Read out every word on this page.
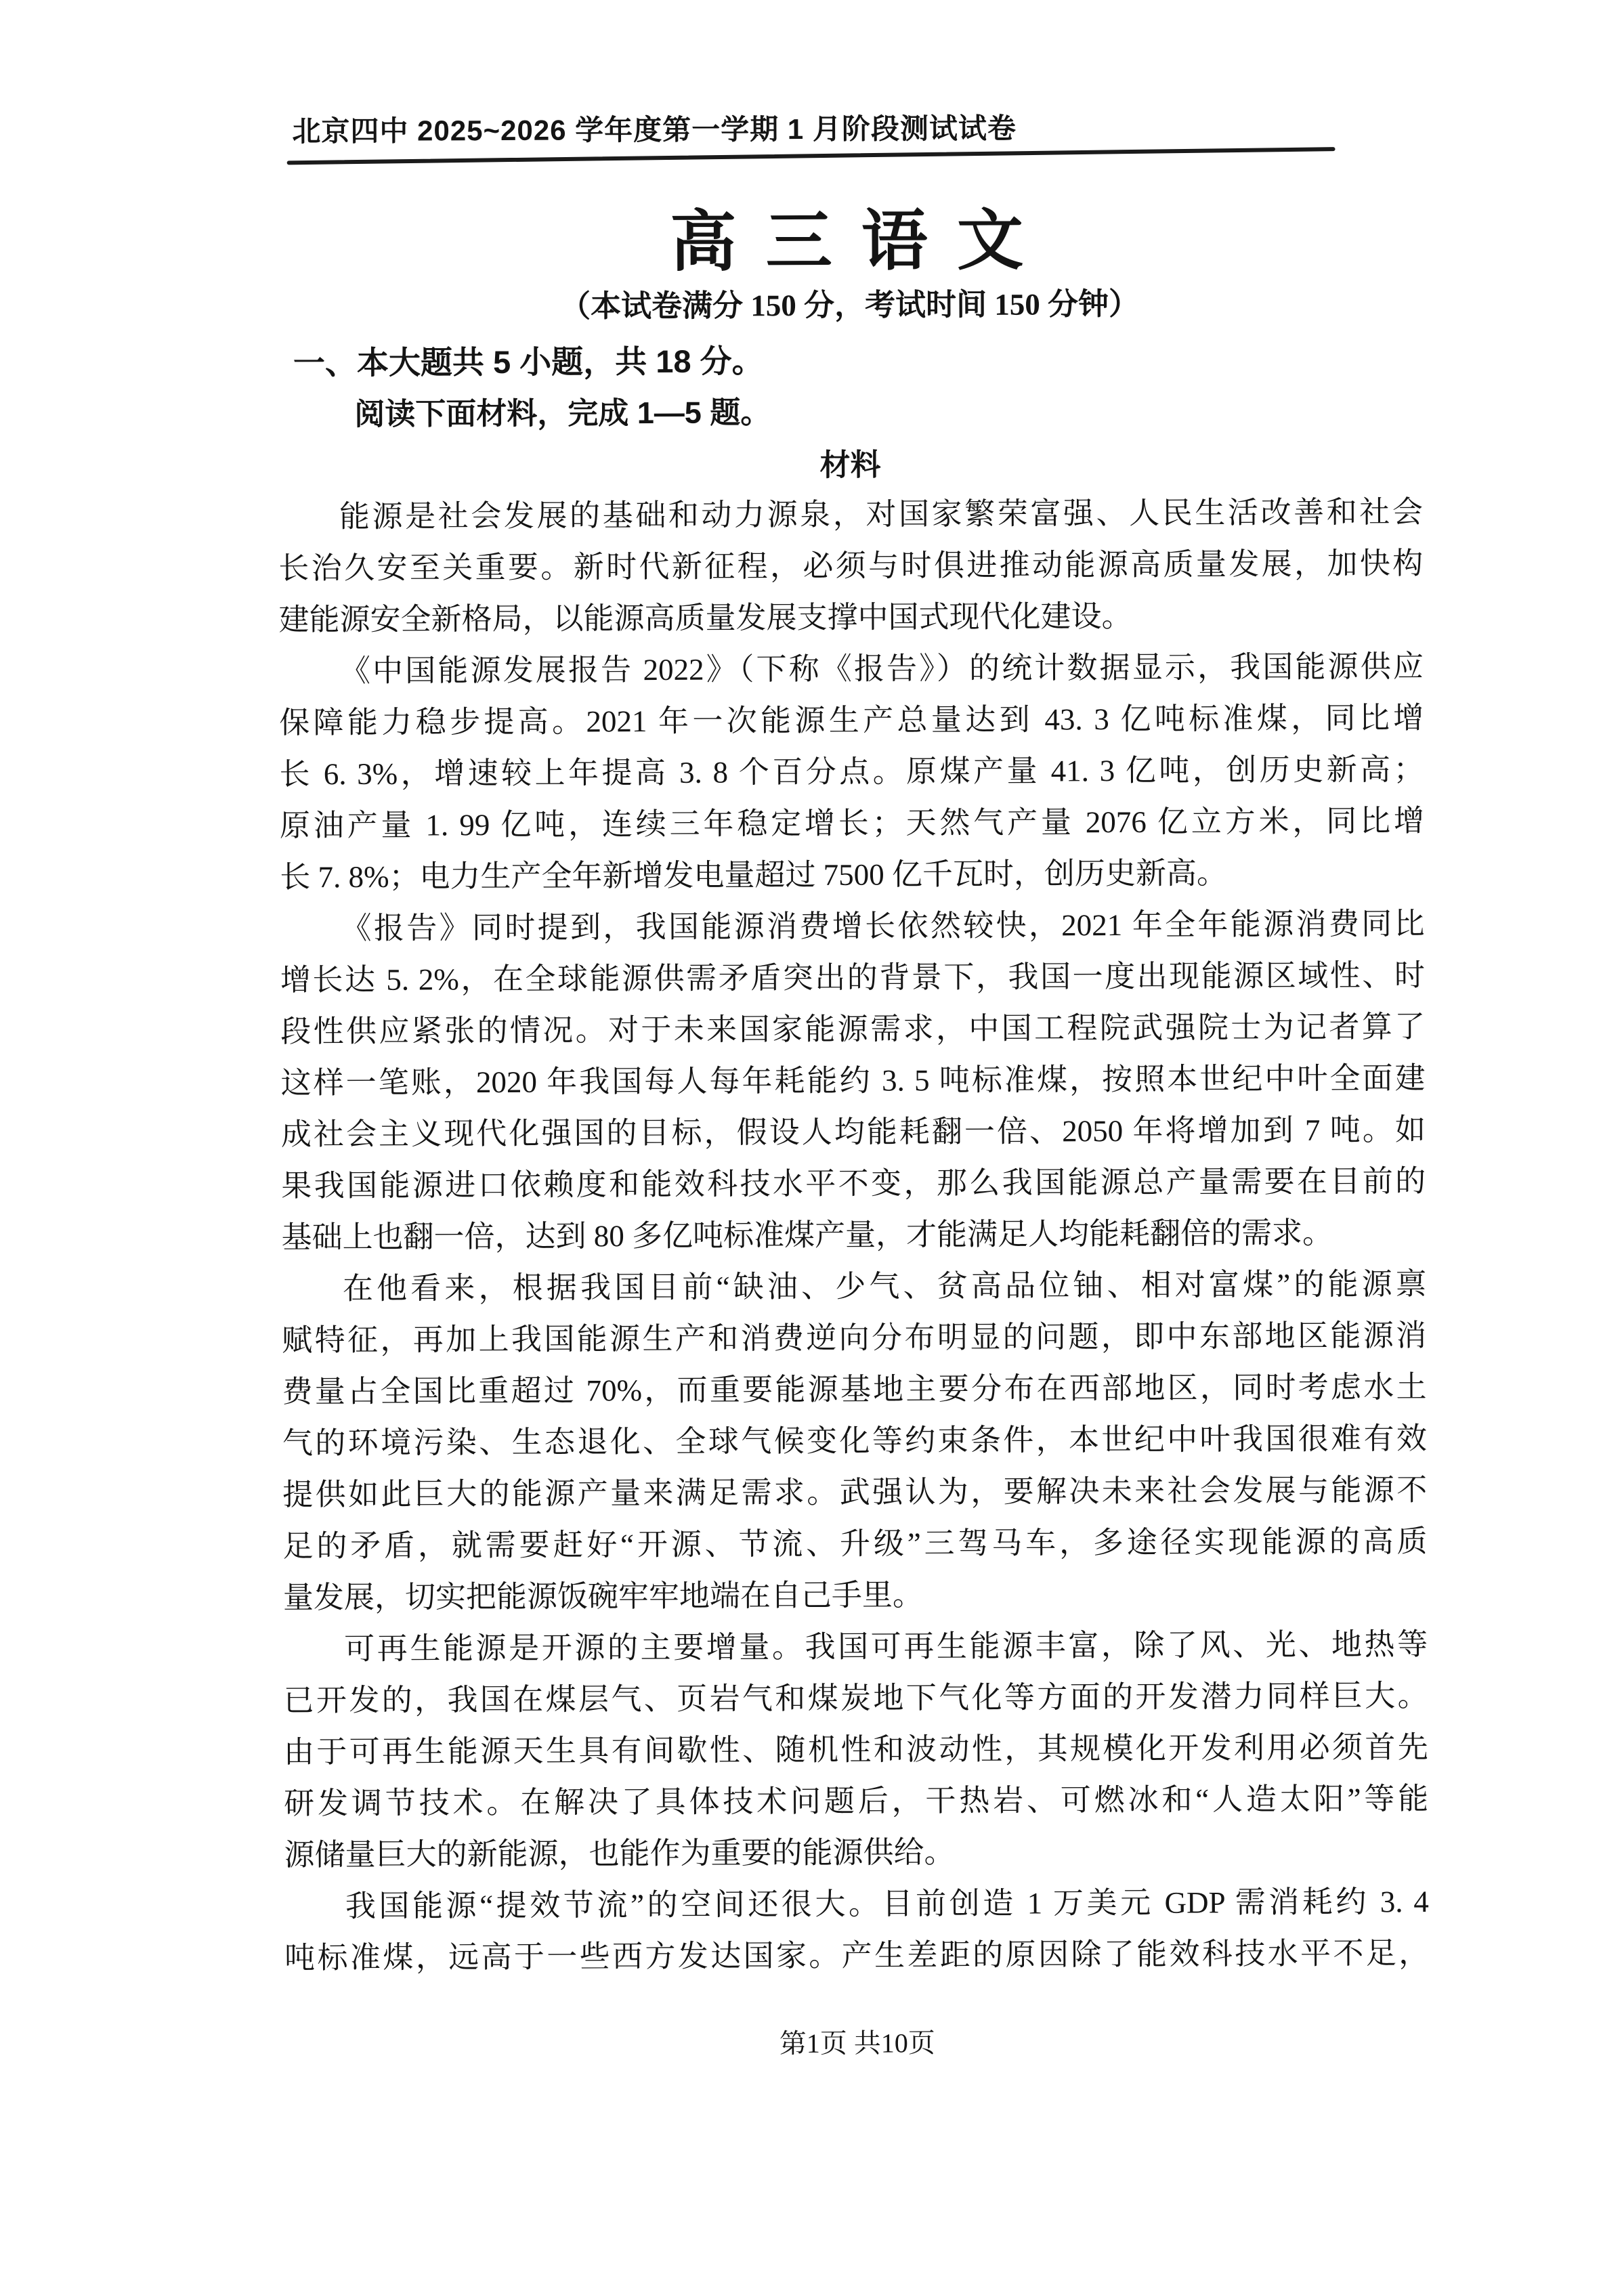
北京四中 2025~2026 学年度第一学期 1 月阶段测试试卷
高 三 语 文
（本试卷满分 150 分，考试时间 150 分钟）
一、本大题共 5 小题，共 18 分。
阅读下面材料，完成 1—5 题。
材料
能源是社会发展的基础和动力源泉，对国家繁荣富强、人民生活改善和社会
长治久安至关重要。新时代新征程，必须与时俱进推动能源高质量发展，加快构
建能源安全新格局，以能源高质量发展支撑中国式现代化建设。
《中国能源发展报告 2022》（下称《报告》）的统计数据显示，我国能源供应
保障能力稳步提高。2021 年一次能源生产总量达到 43. 3 亿吨标准煤，同比增
长 6. 3%，增速较上年提高 3. 8 个百分点。原煤产量 41. 3 亿吨，创历史新高；
原油产量 1. 99 亿吨，连续三年稳定增长；天然气产量 2076 亿立方米，同比增
长 7. 8%；电力生产全年新增发电量超过 7500 亿千瓦时，创历史新高。
《报告》同时提到，我国能源消费增长依然较快，2021 年全年能源消费同比
增长达 5. 2%，在全球能源供需矛盾突出的背景下，我国一度出现能源区域性、时
段性供应紧张的情况。对于未来国家能源需求，中国工程院武强院士为记者算了
这样一笔账，2020 年我国每人每年耗能约 3. 5 吨标准煤，按照本世纪中叶全面建
成社会主义现代化强国的目标，假设人均能耗翻一倍、2050 年将增加到 7 吨。如
果我国能源进口依赖度和能效科技水平不变，那么我国能源总产量需要在目前的
基础上也翻一倍，达到 80 多亿吨标准煤产量，才能满足人均能耗翻倍的需求。
在他看来，根据我国目前“缺油、少气、贫高品位铀、相对富煤”的能源禀
赋特征，再加上我国能源生产和消费逆向分布明显的问题，即中东部地区能源消
费量占全国比重超过 70%，而重要能源基地主要分布在西部地区，同时考虑水土
气的环境污染、生态退化、全球气候变化等约束条件，本世纪中叶我国很难有效
提供如此巨大的能源产量来满足需求。武强认为，要解决未来社会发展与能源不
足的矛盾，就需要赶好“开源、节流、升级”三驾马车，多途径实现能源的高质
量发展，切实把能源饭碗牢牢地端在自己手里。
可再生能源是开源的主要增量。我国可再生能源丰富，除了风、光、地热等
已开发的，我国在煤层气、页岩气和煤炭地下气化等方面的开发潜力同样巨大。
由于可再生能源天生具有间歇性、随机性和波动性，其规模化开发利用必须首先
研发调节技术。在解决了具体技术问题后，干热岩、可燃冰和“人造太阳”等能
源储量巨大的新能源，也能作为重要的能源供给。
我国能源“提效节流”的空间还很大。目前创造 1 万美元 GDP 需消耗约 3. 4
吨标准煤，远高于一些西方发达国家。产生差距的原因除了能效科技水平不足，
第1页 共10页
